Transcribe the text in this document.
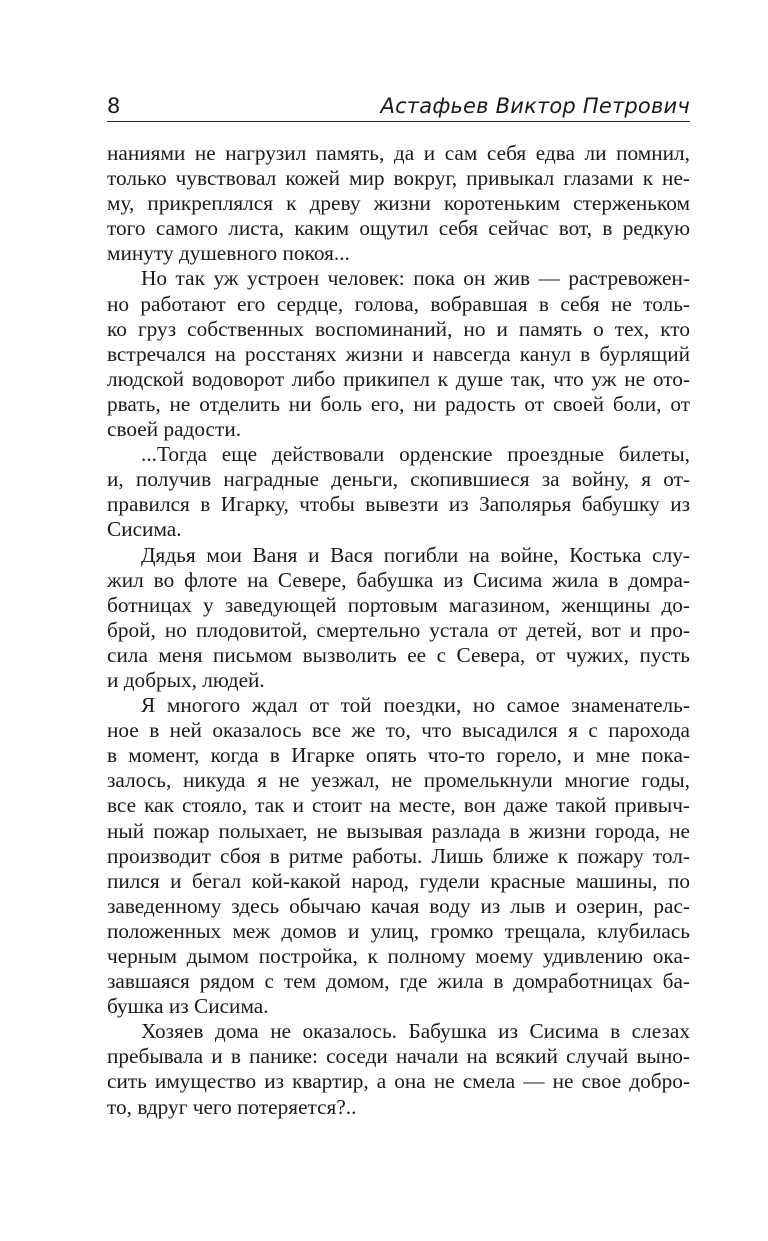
8	Астафьев Виктор Петрович
наниями не нагрузил память, да и сам себя едва ли помнил,
только чувствовал кожей мир вокруг, привыкал глазами к не-
му, прикреплялся к древу жизни коротеньким стерженьком
того самого листа, каким ощутил себя сейчас вот, в редкую
минуту душевного покоя...
Но так уж устроен человек: пока он жив — растревожен-
но работают его сердце, голова, вобравшая в себя не толь-
ко груз собственных воспоминаний, но и память о тех, кто
встречался на росстанях жизни и навсегда канул в бурлящий
людской водоворот либо прикипел к душе так, что уж не ото-
рвать, не отделить ни боль его, ни радость от своей боли, от
своей радости.
...Тогда еще действовали орденские проездные билеты,
и, получив наградные деньги, скопившиеся за войну, я от-
правился в Игарку, чтобы вывезти из Заполярья бабушку из
Сисима.
Дядья мои Ваня и Вася погибли на войне, Костька слу-
жил во флоте на Севере, бабушка из Сисима жила в домра-
ботницах у заведующей портовым магазином, женщины до-
брой, но плодовитой, смертельно устала от детей, вот и про-
сила меня письмом вызволить ее с Севера, от чужих, пусть
и добрых, людей.
Я многого ждал от той поездки, но самое знаменатель-
ное в ней оказалось все же то, что высадился я с парохода
в момент, когда в Игарке опять что-то горело, и мне пока-
залось, никуда я не уезжал, не промелькнули многие годы,
все как стояло, так и стоит на месте, вон даже такой привыч-
ный пожар полыхает, не вызывая разлада в жизни города, не
производит сбоя в ритме работы. Лишь ближе к пожару тол-
пился и бегал кой-какой народ, гудели красные машины, по
заведенному здесь обычаю качая воду из лыв и озерин, рас-
положенных меж домов и улиц, громко трещала, клубилась
черным дымом постройка, к полному моему удивлению ока-
завшаяся рядом с тем домом, где жила в домработницах ба-
бушка из Сисима.
Хозяев дома не оказалось. Бабушка из Сисима в слезах
пребывала и в панике: соседи начали на всякий случай выно-
сить имущество из квартир, а она не смела — не свое добро-
то, вдруг чего потеряется?..
